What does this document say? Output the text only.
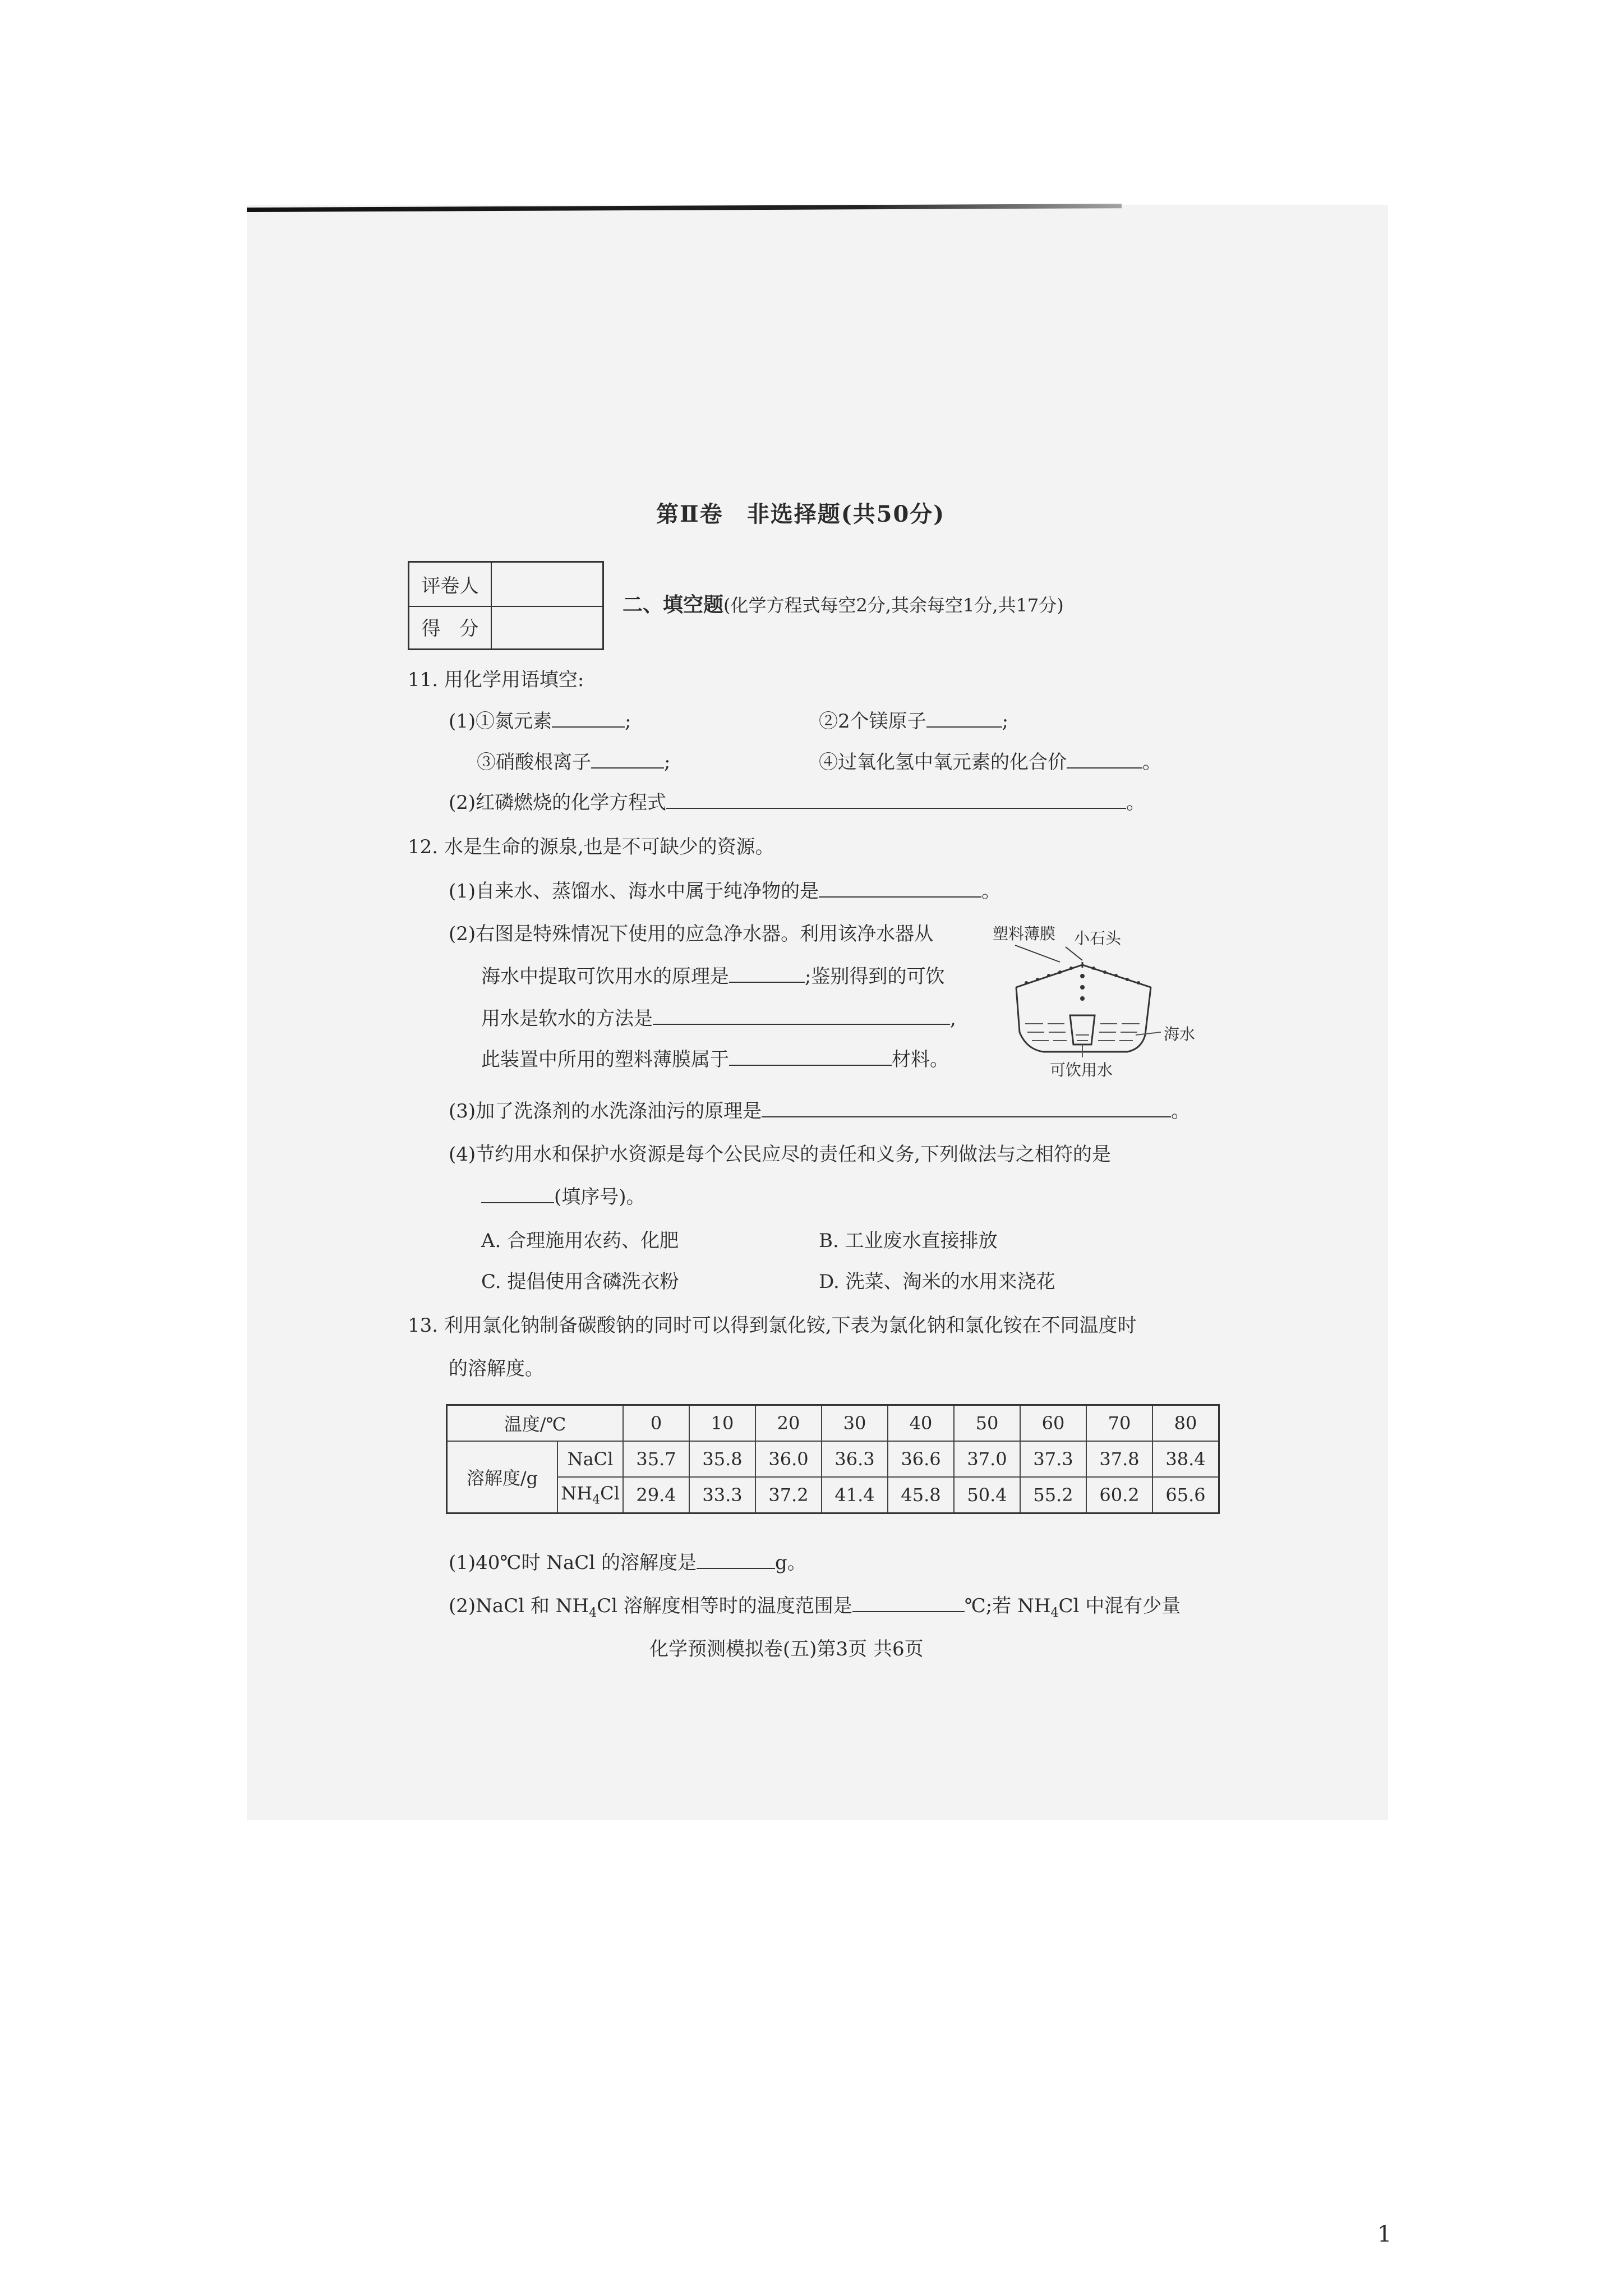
第Ⅱ卷　非选择题(共50分)
评卷人
得　分
二、填空题(化学方程式每空2分,其余每空1分,共17分)
11. 用化学用语填空:
(1)①氮元素	;	②2个镁原子	;
③硝酸根离子	;	④过氧化氢中氧元素的化合价	。
(2)红磷燃烧的化学方程式	。
12. 水是生命的源泉,也是不可缺少的资源。
(1)自来水、蒸馏水、海水中属于纯净物的是	。
(2)右图是特殊情况下使用的应急净水器。利用该净水器从
海水中提取可饮用水的原理是	;鉴别得到的可饮
用水是软水的方法是	,
此装置中所用的塑料薄膜属于	材料。
塑料薄膜 小石头
海水
可饮用水
(3)加了洗涤剂的水洗涤油污的原理是	。
(4)节约用水和保护水资源是每个公民应尽的责任和义务,下列做法与之相符的是
(填序号)。
A. 合理施用农药、化肥	B. 工业废水直接排放
C. 提倡使用含磷洗衣粉	D. 洗菜、淘米的水用来浇花
13. 利用氯化钠制备碳酸钠的同时可以得到氯化铵,下表为氯化钠和氯化铵在不同温度时
的溶解度。
温度/℃		0	10	20	30	40	50	60	70	80
溶解度/g	NaCl	35.7	35.8	36.0	36.3	36.6	37.0	37.3	37.8	38.4
	$NH_4Cl$	29.4	33.3	37.2	41.4	45.8	50.4	55.2	60.2	65.6
(1)40℃时 NaCl 的溶解度是	g。
(2)NaCl 和 $NH_4Cl$ 溶解度相等时的温度范围是	℃;若 $NH_4Cl$ 中混有少量
化学预测模拟卷(五)第3页 共6页
1
